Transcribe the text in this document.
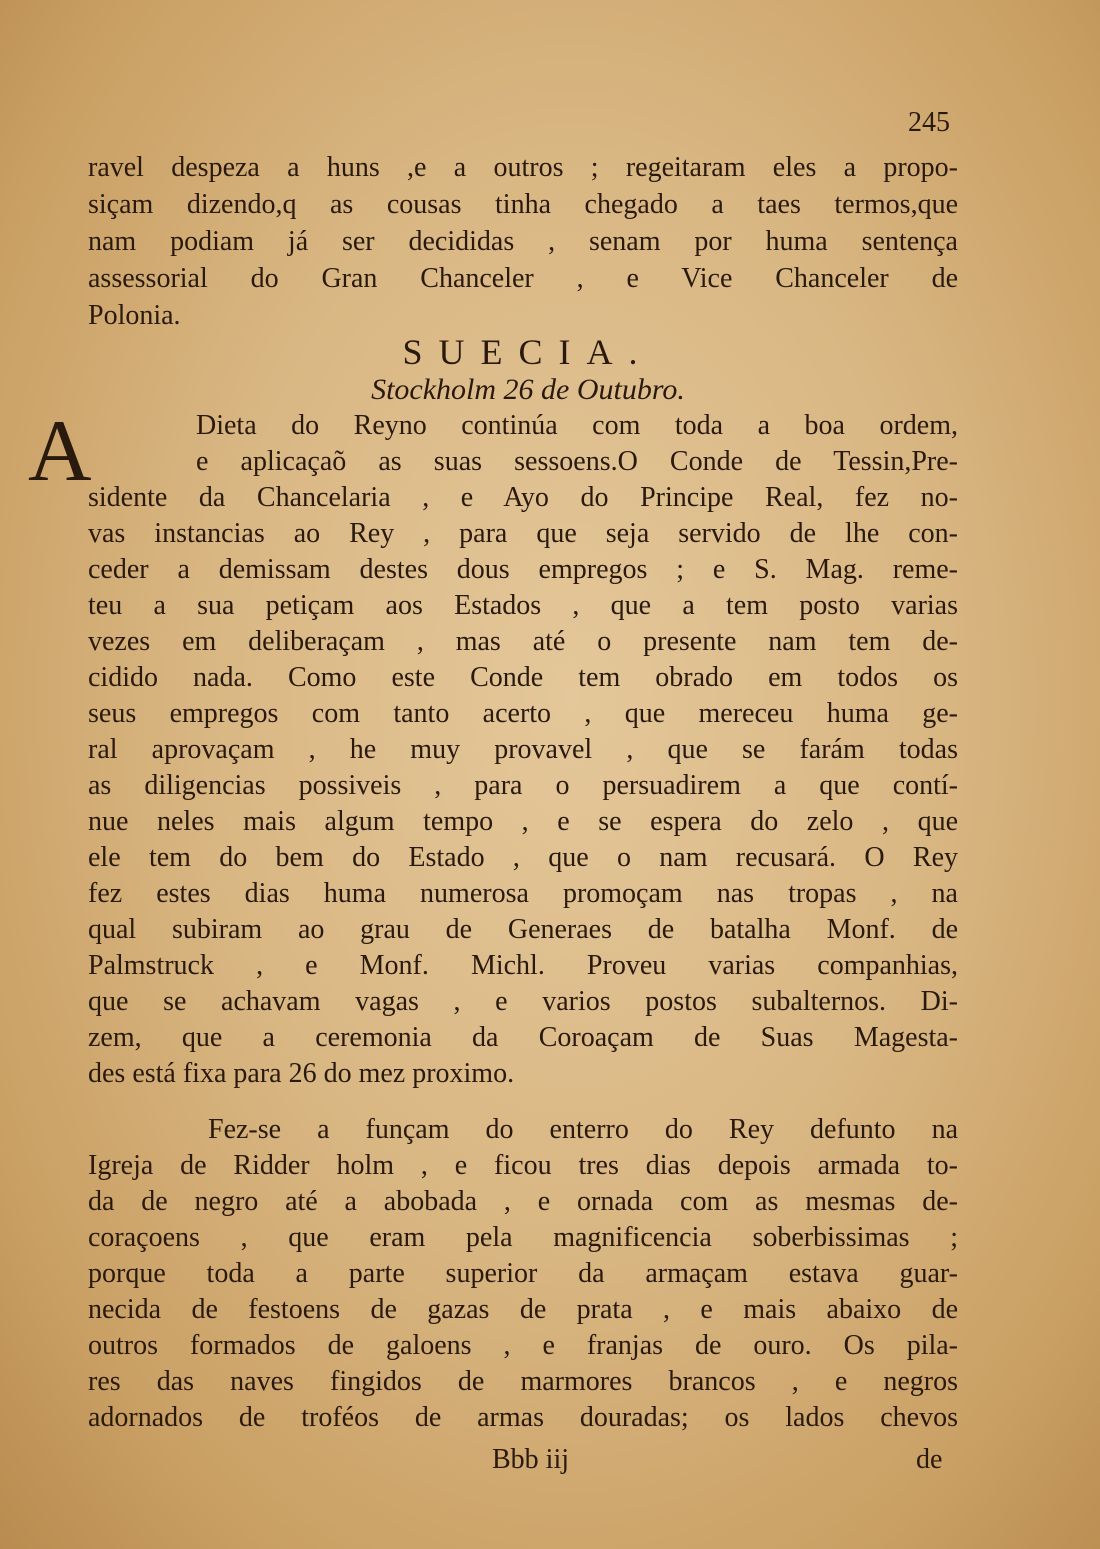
245
ravel despeza a huns ,e a outros ; regeitaram eles a propo-
siçam dizendo,q as cousas tinha chegado a taes termos,que
nam podiam já ser decididas , senam por huma sentença
assessorial do Gran Chanceler , e Vice Chanceler de
Polonia.
SUECIA.
Stockholm 26 de Outubro.
A	Dieta do Reyno continúa com toda a boa ordem,
e aplicaçaõ as suas sessoens.O Conde de Tessin,Pre-
sidente da Chancelaria , e Ayo do Principe Real, fez no-
vas instancias ao Rey , para que seja servido de lhe con-
ceder a demissam destes dous empregos ; e S. Mag. reme-
teu a sua petiçam aos Estados , que a tem posto varias
vezes em deliberaçam , mas até o presente nam tem de-
cidido nada. Como este Conde tem obrado em todos os
seus empregos com tanto acerto , que mereceu huma ge-
ral aprovaçam , he muy provavel , que se farám todas
as diligencias possiveis , para o persuadirem a que contí-
nue neles mais algum tempo , e se espera do zelo , que
ele tem do bem do Estado , que o nam recusará. O Rey
fez estes dias huma numerosa promoçam nas tropas , na
qual subiram ao grau de Generaes de batalha Monf. de
Palmstruck , e Monf. Michl. Proveu varias companhias,
que se achavam vagas , e varios postos subalternos. Di-
zem, que a ceremonia da Coroaçam de Suas Magesta-
des está fixa para 26 do mez proximo.
Fez-se a funçam do enterro do Rey defunto na
Igreja de Ridder holm , e ficou tres dias depois armada to-
da de negro até a abobada , e ornada com as mesmas de-
coraçoens , que eram pela magnificencia soberbissimas ;
porque toda a parte superior da armaçam estava guar-
necida de festoens de gazas de prata , e mais abaixo de
outros formados de galoens , e franjas de ouro. Os pila-
res das naves fingidos de marmores brancos , e negros
adornados de troféos de armas douradas; os lados chevos
Bbb iij	de
